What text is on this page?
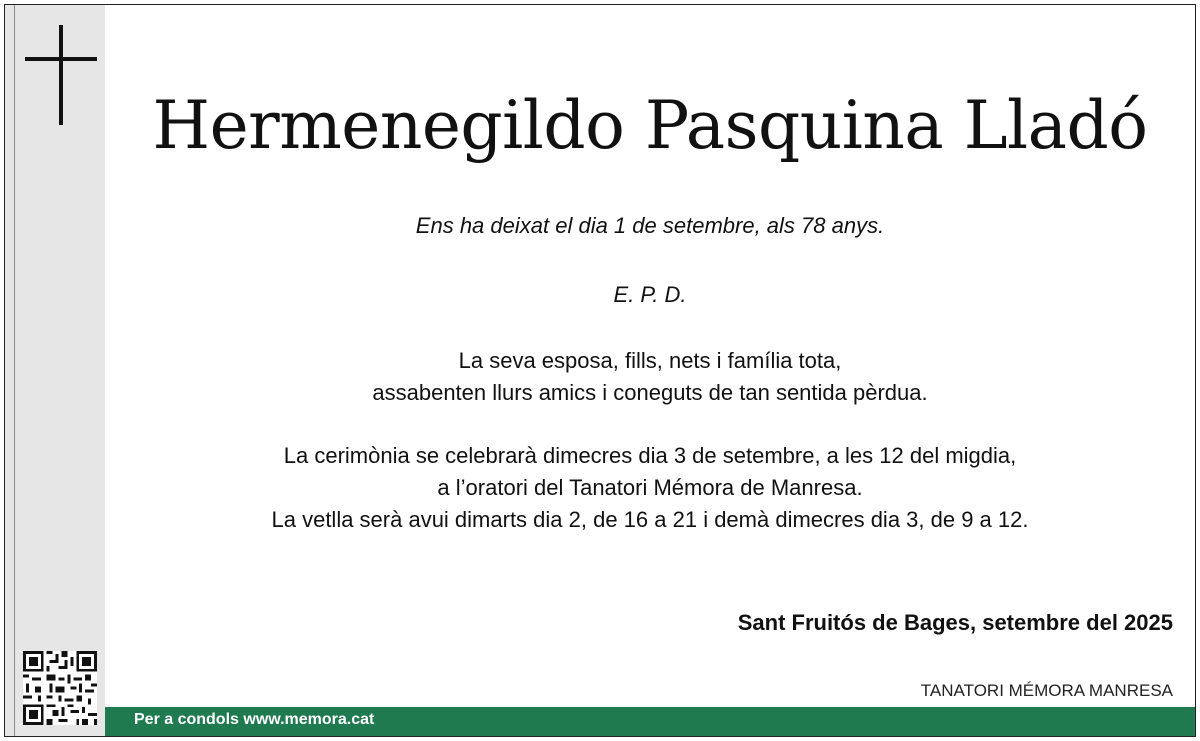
Hermenegildo Pasquina Lladó

Ens ha deixat el dia 1 de setembre, als 78 anys.

E. P. D.

La seva esposa, fills, nets i família tota,
assabenten llurs amics i coneguts de tan sentida pèrdua.

La cerimònia se celebrarà dimecres dia 3 de setembre, a les 12 del migdia,
a l’oratori del Tanatori Mémora de Manresa.
La vetlla serà avui dimarts dia 2, de 16 a 21 i demà dimecres dia 3, de 9 a 12.

Sant Fruitós de Bages, setembre del 2025
TANATORI MÉMORA MANRESA
Per a condols www.memora.cat
